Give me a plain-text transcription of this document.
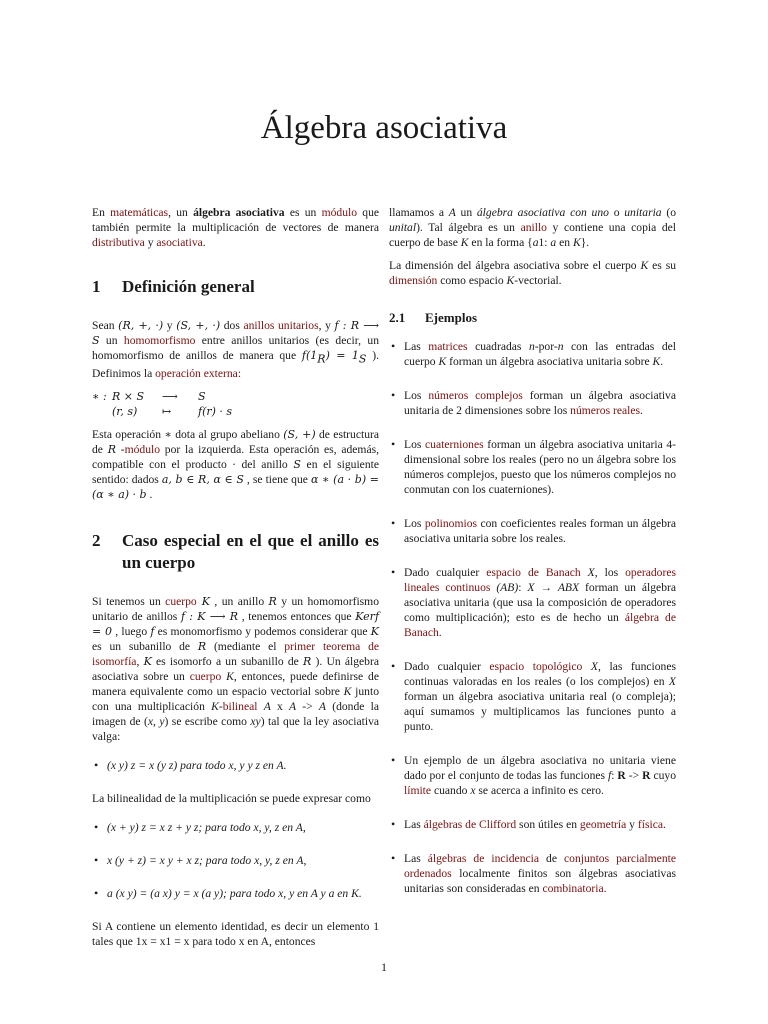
Álgebra asociativa

En matemáticas, un álgebra asociativa es un módulo que también permite la multiplicación de vectores de manera distributiva y asociativa.

1	Definición general

Sean (R, +, ·) y (S, +, ·) dos anillos unitarios, y f : R ⟶ S un homomorfismo entre anillos unitarios (es decir, un homomorfismo de anillos de manera que $f(1_R) = 1_S$ ). Definimos la operación externa:

∗ : R × S	⟶	S
(r, s)	↦	f(r) · s

Esta operación ∗ dota al grupo abeliano (S, +) de estructura de R -módulo por la izquierda. Esta operación es, además, compatible con el producto · del anillo S en el siguiente sentido: dados a, b ∈ R, α ∈ S , se tiene que α ∗ (a · b) = (α ∗ a) · b .

2	Caso especial en el que el anillo es un cuerpo

Si tenemos un cuerpo K , un anillo R y un homomorfismo unitario de anillos f : K ⟶ R , tenemos entonces que Kerf = 0 , luego f es monomorfismo y podemos considerar que K es un subanillo de R (mediante el primer teorema de isomorfía, K es isomorfo a un subanillo de R ). Un álgebra asociativa sobre un cuerpo K, entonces, puede definirse de manera equivalente como un espacio vectorial sobre K junto con una multiplicación K-bilineal A x A -> A (donde la imagen de (x, y) se escribe como xy) tal que la ley asociativa valga:

• (x y) z = x (y z) para todo x, y y z en A.

La bilinealidad de la multiplicación se puede expresar como

• (x + y) z = x z + y z; para todo x, y, z en A,
• x (y + z) = x y + x z; para todo x, y, z en A,
• a (x y) = (a x) y = x (a y); para todo x, y en A y a en K.

Si A contiene un elemento identidad, es decir un elemento 1 tales que 1x = x1 = x para todo x en A, entonces

llamamos a A un álgebra asociativa con uno o unitaria (o unital). Tal álgebra es un anillo y contiene una copia del cuerpo de base K en la forma {a1: a en K}.

La dimensión del álgebra asociativa sobre el cuerpo K es su dimensión como espacio K-vectorial.

2.1	Ejemplos
• Las matrices cuadradas n-por-n con las entradas del cuerpo K forman un álgebra asociativa unitaria sobre K.
• Los números complejos forman un álgebra asociativa unitaria de 2 dimensiones sobre los números reales.
• Los cuaterniones forman un álgebra asociativa unitaria 4-dimensional sobre los reales (pero no un álgebra sobre los números complejos, puesto que los números complejos no conmutan con los cuaterniones).
• Los polinomios con coeficientes reales forman un álgebra asociativa unitaria sobre los reales.
• Dado cualquier espacio de Banach X, los operadores lineales continuos (AB): X → ABX forman un álgebra asociativa unitaria (que usa la composición de operadores como multiplicación); esto es de hecho un álgebra de Banach.
• Dado cualquier espacio topológico X, las funciones continuas valoradas en los reales (o los complejos) en X forman un álgebra asociativa unitaria real (o compleja); aquí sumamos y multiplicamos las funciones punto a punto.
• Un ejemplo de un álgebra asociativa no unitaria viene dado por el conjunto de todas las funciones f: R -> R cuyo límite cuando x se acerca a infinito es cero.
• Las álgebras de Clifford son útiles en geometría y física.
• Las álgebras de incidencia de conjuntos parcialmente ordenados localmente finitos son álgebras asociativas unitarias son consideradas en combinatoria.
1
